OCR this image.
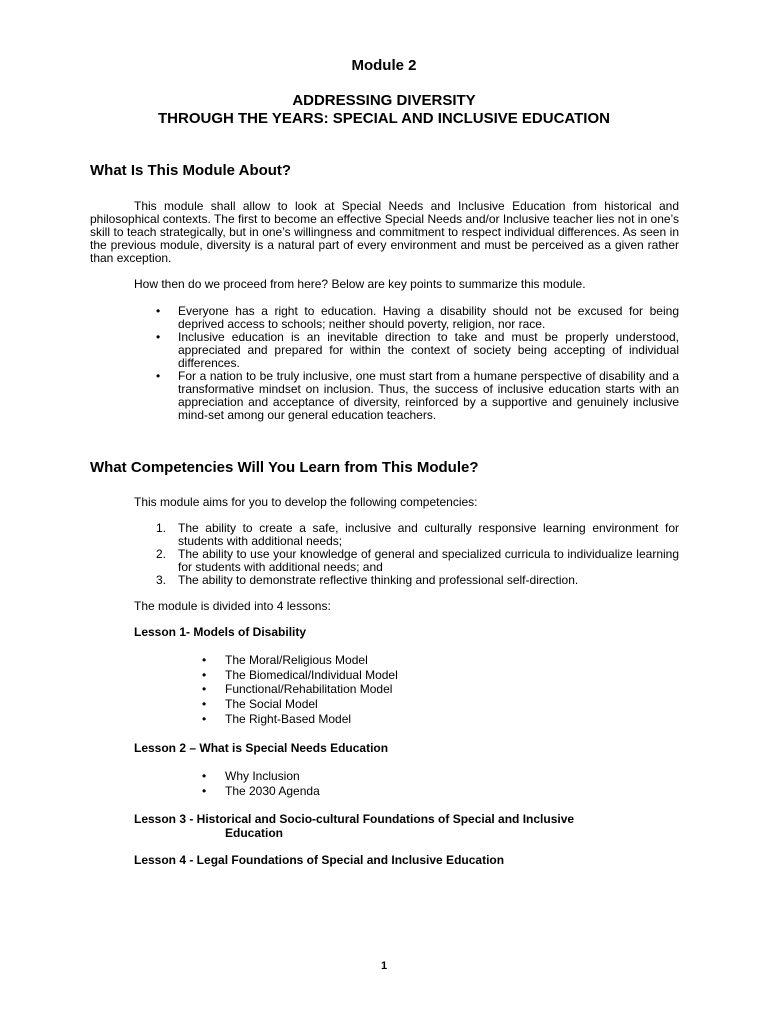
Module 2
ADDRESSING DIVERSITY
THROUGH THE YEARS: SPECIAL AND INCLUSIVE EDUCATION
What Is This Module About?

This module shall allow to look at Special Needs and Inclusive Education from historical and philosophical contexts. The first to become an effective Special Needs and/or Inclusive teacher lies not in one’s skill to teach strategically, but in one’s willingness and commitment to respect individual differences. As seen in the previous module, diversity is a natural part of every environment and must be perceived as a given rather than exception.

How then do we proceed from here? Below are key points to summarize this module.
• Everyone has a right to education. Having a disability should not be excused for being deprived access to schools; neither should poverty, religion, nor race.
• Inclusive education is an inevitable direction to take and must be properly understood, appreciated and prepared for within the context of society being accepting of individual differences.
• For a nation to be truly inclusive, one must start from a humane perspective of disability and a transformative mindset on inclusion. Thus, the success of inclusive education starts with an appreciation and acceptance of diversity, reinforced by a supportive and genuinely inclusive mind-set among our general education teachers.
What Competencies Will You Learn from This Module?
This module aims for you to develop the following competencies:
1. The ability to create a safe, inclusive and culturally responsive learning environment for students with additional needs;
2. The ability to use your knowledge of general and specialized curricula to individualize learning for students with additional needs; and
3. The ability to demonstrate reflective thinking and professional self-direction.
The module is divided into 4 lessons:
Lesson 1- Models of Disability
• The Moral/Religious Model
• The Biomedical/Individual Model
• Functional/Rehabilitation Model
• The Social Model
• The Right-Based Model
Lesson 2 – What is Special Needs Education
• Why Inclusion
• The 2030 Agenda
Lesson 3 - Historical and Socio-cultural Foundations of Special and Inclusive
Education
Lesson 4 - Legal Foundations of Special and Inclusive Education
1
